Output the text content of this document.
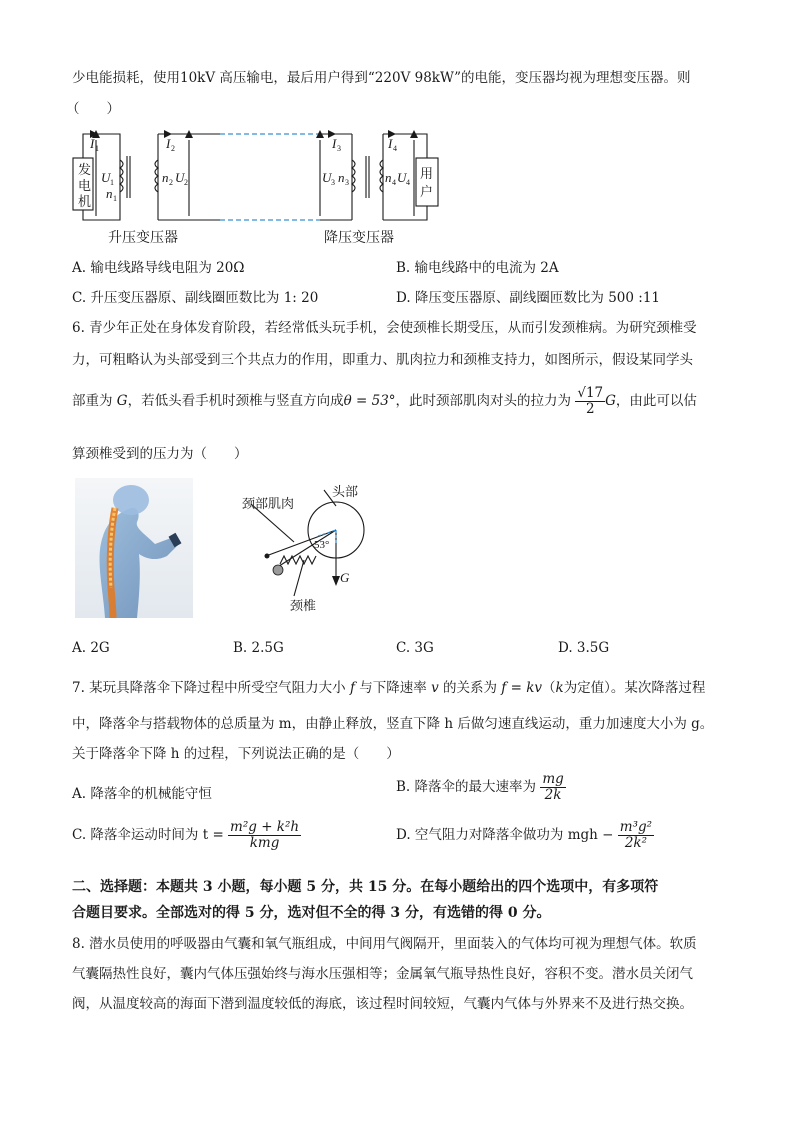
少电能损耗，使用10kV 高压输电，最后用户得到“220V 98kW”的电能，变压器均视为理想变压器。则
（　　）
发
电
机
用
户
I 1
U 1
n 1
I 2
n 2 U 2
I 3
U 3 n 3
I 4
n 4 U 4
升压变压器	降压变压器
A. 输电线路导线电阻为 20Ω	B. 输电线路中的电流为 2A
C. 升压变压器原、副线圈匝数比为 1: 20	D. 降压变压器原、副线圈匝数比为 500 :11
6. 青少年正处在身体发育阶段，若经常低头玩手机，会使颈椎长期受压，从而引发颈椎病。为研究颈椎受
力，可粗略认为头部受到三个共点力的作用，即重力、肌肉拉力和颈椎支持力，如图所示，假设某同学头
部重为 G，若低头看手机时颈椎与竖直方向成θ = 53°，此时颈部肌肉对头的拉力为 $\frac{√17}{2}$ G，由此可以估
算颈椎受到的压力为（　　）
头部
颈部肌肉
53°
G
颈椎
A. 2G	B. 2.5G	C. 3G	D. 3.5G
7. 某玩具降落伞下降过程中所受空气阻力大小 f 与下降速率 v 的关系为 f = kv（k为定值）。某次降落过程
中，降落伞与搭载物体的总质量为 m，由静止释放，竖直下降 h 后做匀速直线运动，重力加速度大小为 g。
关于降落伞下降 h 的过程，下列说法正确的是（　　）
A. 降落伞的机械能守恒	B. 降落伞的最大速率为 $\frac{mg}{2k}$
C. 降落伞运动时间为 $t = \frac{\text{m²g + k²h}}{\text{kmg}}$	D. 空气阻力对降落伞做功为 mgh − $\frac{\text{m³g²}}{\text{2k²}}$
二、选择题：本题共 3 小题，每小题 5 分，共 15 分。在每小题给出的四个选项中，有多项符
合题目要求。全部选对的得 5 分，选对但不全的得 3 分，有选错的得 0 分。
8. 潜水员使用的呼吸器由气囊和氧气瓶组成，中间用气阀隔开，里面装入的气体均可视为理想气体。软质
气囊隔热性良好，囊内气体压强始终与海水压强相等；金属氧气瓶导热性良好，容积不变。潜水员关闭气
阀，从温度较高的海面下潜到温度较低的海底，该过程时间较短，气囊内气体与外界来不及进行热交换。
